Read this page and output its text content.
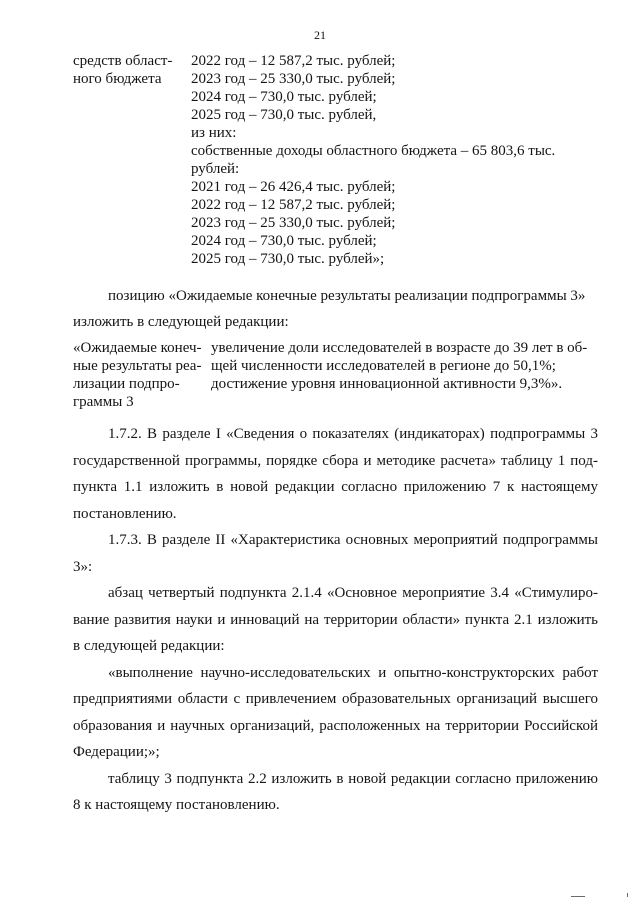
21
средств област-
ного бюджета
2022 год – 12 587,2 тыс. рублей;
2023 год – 25 330,0 тыс. рублей;
2024 год – 730,0 тыс. рублей;
2025 год – 730,0 тыс. рублей,
из них:
собственные доходы областного бюджета – 65 803,6 тыс.
рублей:
2021 год – 26 426,4 тыс. рублей;
2022 год – 12 587,2 тыс. рублей;
2023 год – 25 330,0 тыс. рублей;
2024 год – 730,0 тыс. рублей;
2025 год – 730,0 тыс. рублей»;
позицию «Ожидаемые конечные результаты реализации подпрограммы 3»
изложить в следующей редакции:
«Ожидаемые конеч-
ные результаты реа-
лизации подпро-
граммы 3
увеличение доли исследователей в возрасте до 39 лет в об-
щей численности исследователей в регионе до 50,1%;
достижение уровня инновационной активности 9,3%».
1.7.2. В разделе I «Сведения о показателях (индикаторах) подпрограммы 3
государственной программы, порядке сбора и методике расчета» таблицу 1 под-
пункта 1.1 изложить в новой редакции согласно приложению 7 к настоящему
постановлению.
1.7.3. В разделе II «Характеристика основных мероприятий подпрограммы
3»:
абзац четвертый подпункта 2.1.4 «Основное мероприятие 3.4 «Стимулиро-
вание развития науки и инноваций на территории области» пункта 2.1 изложить
в следующей редакции:
«выполнение научно-исследовательских и опытно-конструкторских работ
предприятиями области с привлечением образовательных организаций высшего
образования и научных организаций, расположенных на территории Российской
Федерации;»;
таблицу 3 подпункта 2.2 изложить в новой редакции согласно приложению
8 к настоящему постановлению.
